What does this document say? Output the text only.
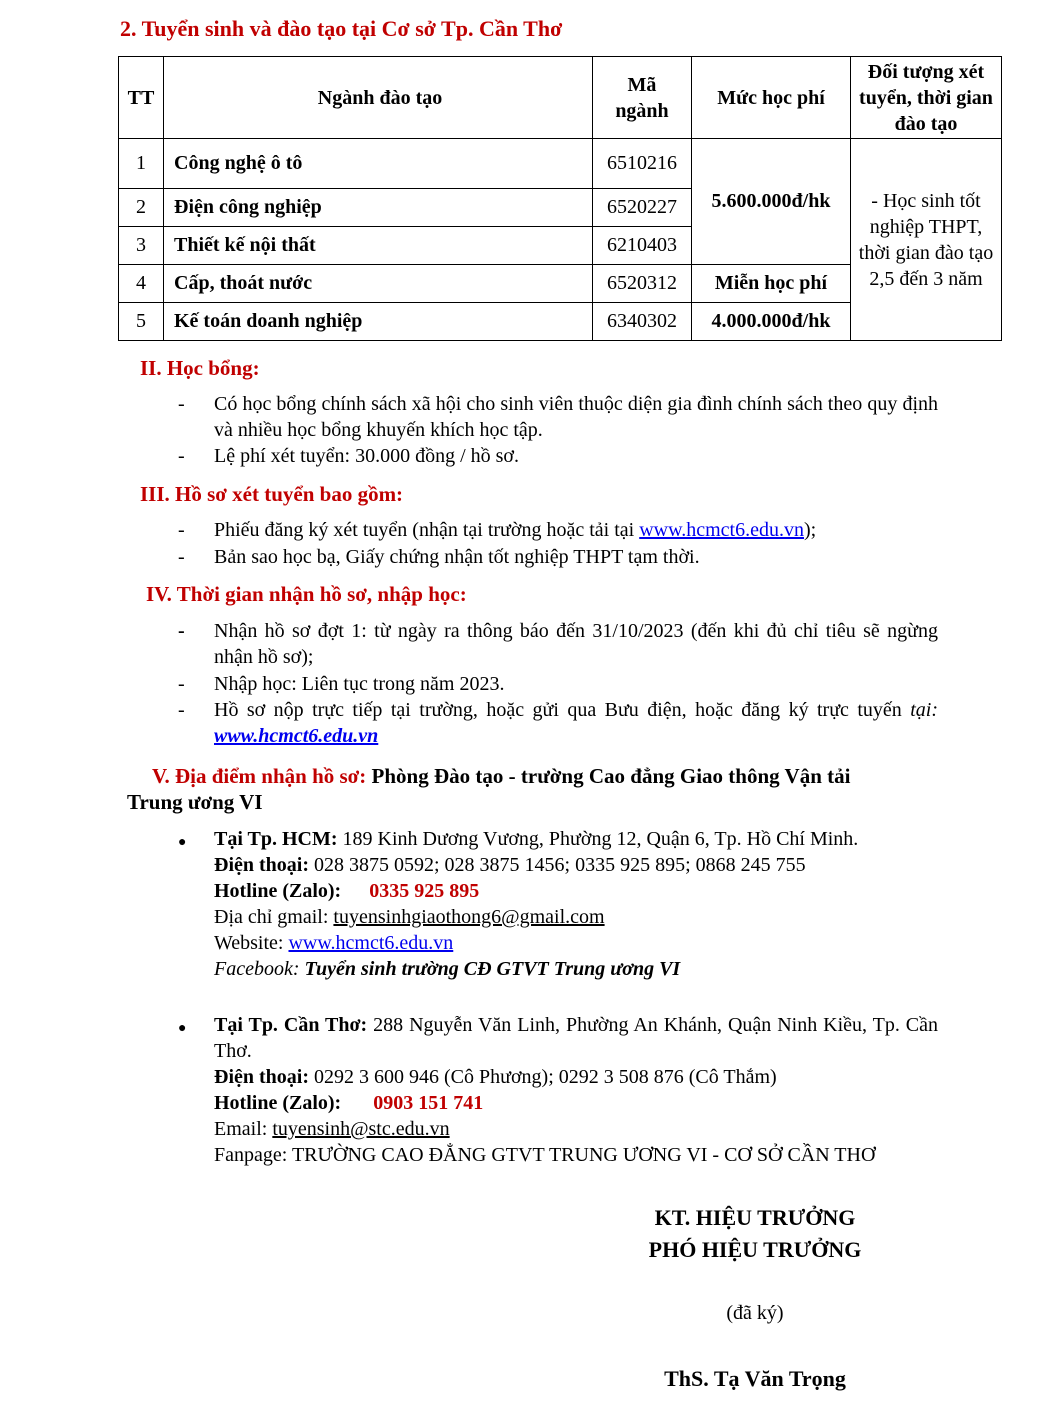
2. Tuyển sinh và đào tạo tại Cơ sở Tp. Cần Thơ
TT	Ngành đào tạo	Mã ngành	Mức học phí	Đối tượng xét tuyển, thời gian đào tạo
1	Công nghệ ô tô	6510216	5.600.000đ/hk	- Học sinh tốt nghiệp THPT, thời gian đào tạo 2,5 đến 3 năm
2	Điện công nghiệp	6520227		
3	Thiết kế nội thất	6210403		
4	Cấp, thoát nước	6520312	Miễn học phí	
5	Kế toán doanh nghiệp	6340302	4.000.000đ/hk	
II. Học bổng:
- Có học bổng chính sách xã hội cho sinh viên thuộc diện gia đình chính sách theo quy định và nhiều học bổng khuyến khích học tập.
- Lệ phí xét tuyển: 30.000 đồng / hồ sơ.
III. Hồ sơ xét tuyển bao gồm:
- Phiếu đăng ký xét tuyển (nhận tại trường hoặc tải tại www.hcmct6.edu.vn);
- Bản sao học bạ, Giấy chứng nhận tốt nghiệp THPT tạm thời.
IV. Thời gian nhận hồ sơ, nhập học:
- Nhận hồ sơ đợt 1: từ ngày ra thông báo đến 31/10/2023 (đến khi đủ chỉ tiêu sẽ ngừng nhận hồ sơ);
- Nhập học: Liên tục trong năm 2023.
- Hồ sơ nộp trực tiếp tại trường, hoặc gửi qua Bưu điện, hoặc đăng ký trực tuyến tại: www.hcmct6.edu.vn
V. Địa điểm nhận hồ sơ: Phòng Đào tạo - trường Cao đẳng Giao thông Vận tải
Trung ương VI
● Tại Tp. HCM: 189 Kinh Dương Vương, Phường 12, Quận 6, Tp. Hồ Chí Minh.
Điện thoại: 028 3875 0592; 028 3875 1456; 0335 925 895; 0868 245 755
Hotline (Zalo): 0335 925 895
Địa chỉ gmail: tuyensinhgiaothong6@gmail.com
Website: www.hcmct6.edu.vn
Facebook: Tuyển sinh trường CĐ GTVT Trung ương VI
● Tại Tp. Cần Thơ: 288 Nguyễn Văn Linh, Phường An Khánh, Quận Ninh Kiều, Tp. Cần Thơ.
Điện thoại: 0292 3 600 946 (Cô Phương); 0292 3 508 876 (Cô Thắm)
Hotline (Zalo): 0903 151 741
Email: tuyensinh@stc.edu.vn
Fanpage: TRƯỜNG CAO ĐẲNG GTVT TRUNG ƯƠNG VI - CƠ SỞ CẦN THƠ
KT. HIỆU TRƯỞNG
PHÓ HIỆU TRƯỞNG
(đã ký)
ThS. Tạ Văn Trọng
